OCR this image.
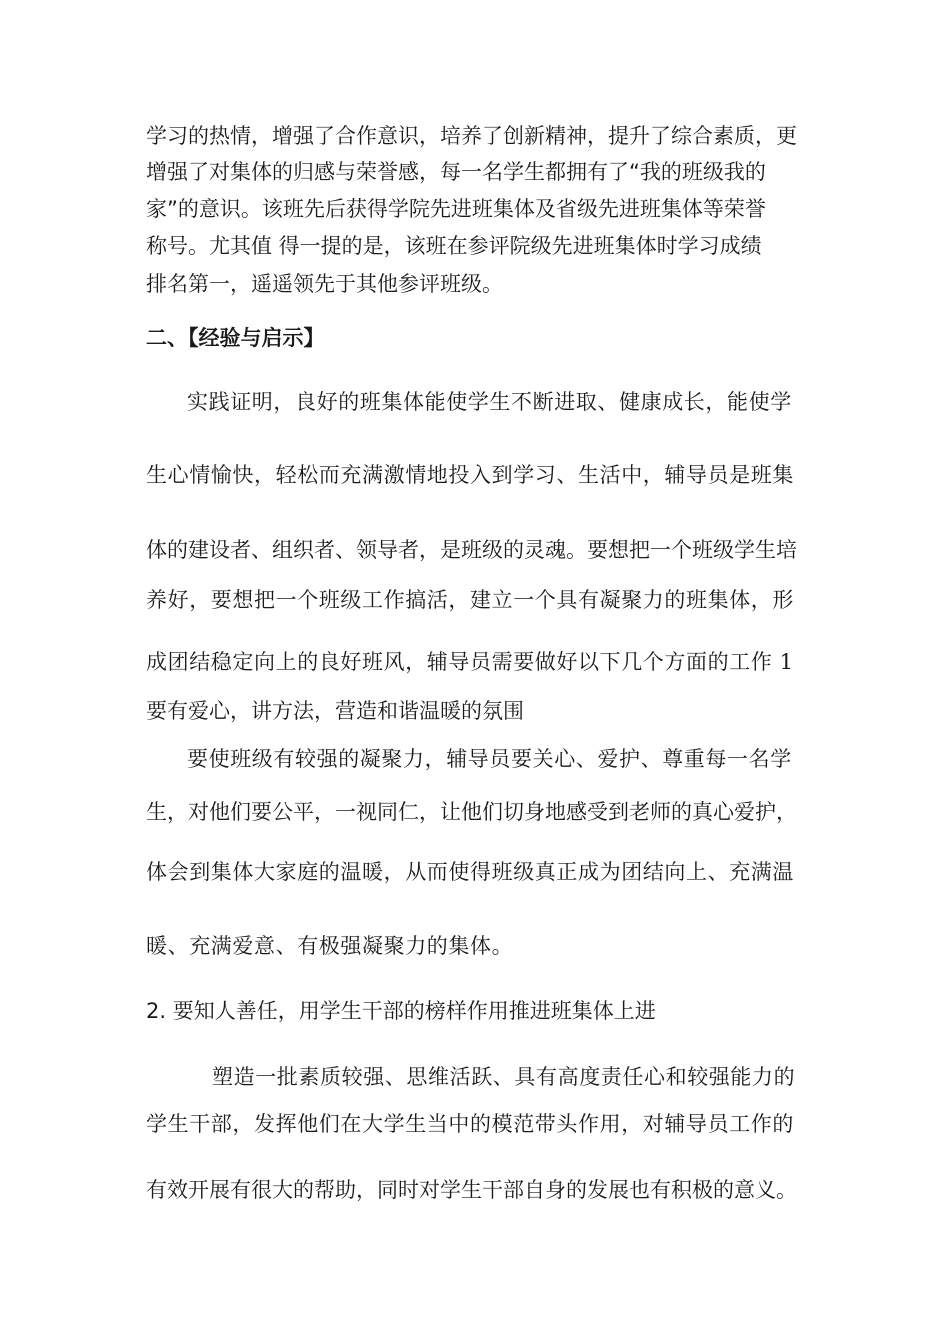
学习的热情，增强了合作意识，培养了创新精神，提升了综合素质，更
增强了对集体的归感与荣誉感，每一名学生都拥有了“我的班级我的
家”的意识。该班先后获得学院先进班集体及省级先进班集体等荣誉
称号。尤其值 得一提的是，该班在参评院级先进班集体时学习成绩
排名第一，遥遥领先于其他参评班级。
二、【经验与启示】
实践证明，良好的班集体能使学生不断进取、健康成长，能使学
生心情愉快，轻松而充满激情地投入到学习、生活中，辅导员是班集
体的建设者、组织者、领导者，是班级的灵魂。要想把一个班级学生培
养好，要想把一个班级工作搞活，建立一个具有凝聚力的班集体，形
成团结稳定向上的良好班风，辅导员需要做好以下几个方面的工作 1
要有爱心，讲方法，营造和谐温暖的氛围
要使班级有较强的凝聚力，辅导员要关心、爱护、尊重每一名学
生，对他们要公平，一视同仁，让他们切身地感受到老师的真心爱护，
体会到集体大家庭的温暖，从而使得班级真正成为团结向上、充满温
暖、充满爱意、有极强凝聚力的集体。
2. 要知人善任，用学生干部的榜样作用推进班集体上进
塑造一批素质较强、思维活跃、具有高度责任心和较强能力的
学生干部，发挥他们在大学生当中的模范带头作用，对辅导员工作的
有效开展有很大的帮助，同时对学生干部自身的发展也有积极的意义。
